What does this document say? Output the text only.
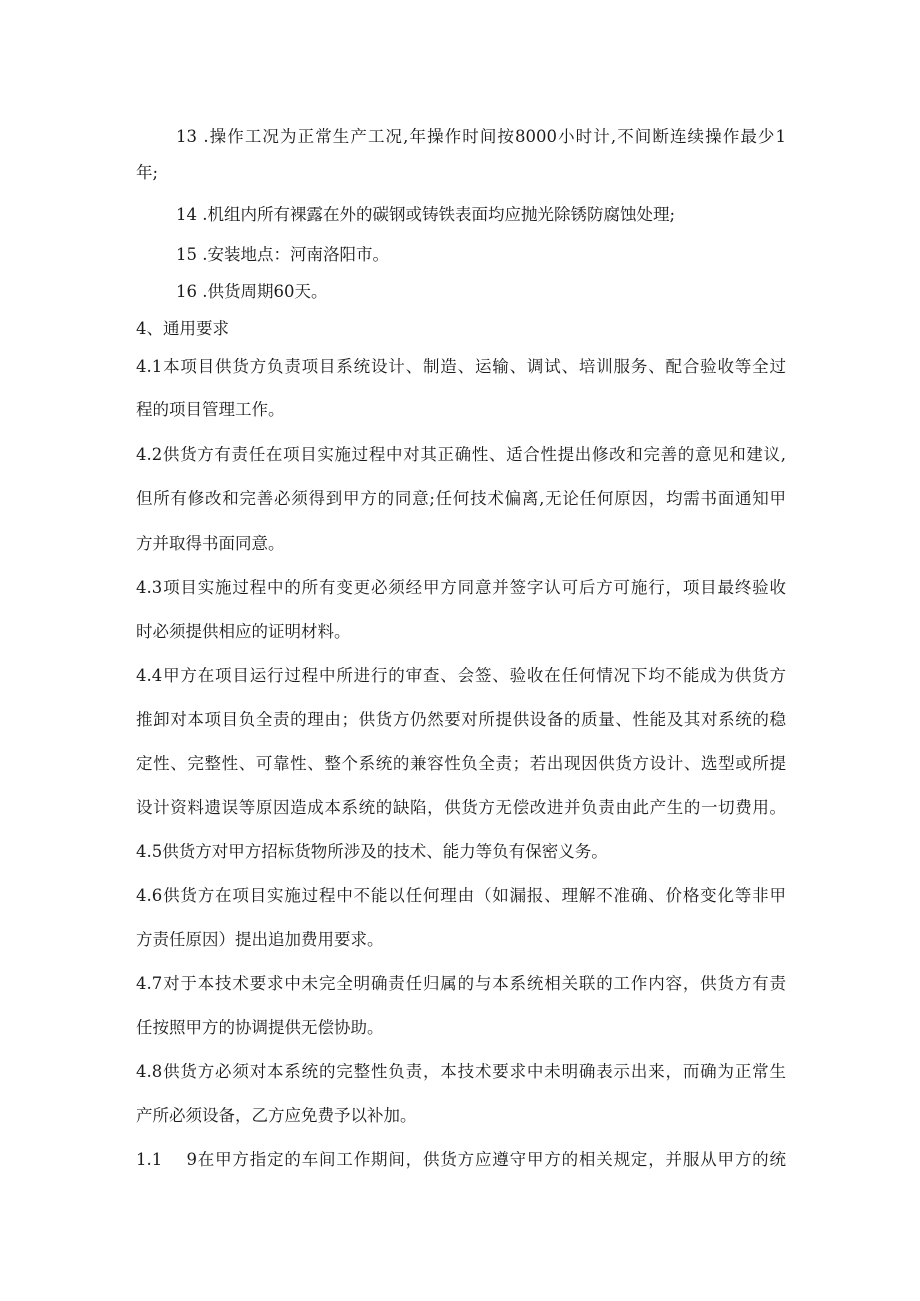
13 .操作工况为正常生产工况,年操作时间按8000小时计,不间断连续操作最少1
年;
14 .机组内所有裸露在外的碳钢或铸铁表面均应抛光除锈防腐蚀处理;
15 .安装地点：河南洛阳市。
16 .供货周期60天。
4、通用要求
4.1本项目供货方负责项目系统设计、制造、运输、调试、培训服务、配合验收等全过
程的项目管理工作。
4.2供货方有责任在项目实施过程中对其正确性、适合性提出修改和完善的意见和建议,
但所有修改和完善必须得到甲方的同意;任何技术偏离,无论任何原因，均需书面通知甲
方并取得书面同意。
4.3项目实施过程中的所有变更必须经甲方同意并签字认可后方可施行，项目最终验收
时必须提供相应的证明材料。
4.4甲方在项目运行过程中所进行的审查、会签、验收在任何情况下均不能成为供货方
推卸对本项目负全责的理由；供货方仍然要对所提供设备的质量、性能及其对系统的稳
定性、完整性、可靠性、整个系统的兼容性负全责；若出现因供货方设计、选型或所提
设计资料遗误等原因造成本系统的缺陷，供货方无偿改进并负责由此产生的一切费用。
4.5供货方对甲方招标货物所涉及的技术、能力等负有保密义务。
4.6供货方在项目实施过程中不能以任何理由（如漏报、理解不准确、价格变化等非甲
方责任原因）提出追加费用要求。
4.7对于本技术要求中未完全明确责任归属的与本系统相关联的工作内容，供货方有责
任按照甲方的协调提供无偿协助。
4.8供货方必须对本系统的完整性负责，本技术要求中未明确表示出来，而确为正常生
产所必须设备，乙方应免费予以补加。
1.1　 9在甲方指定的车间工作期间，供货方应遵守甲方的相关规定，并服从甲方的统
